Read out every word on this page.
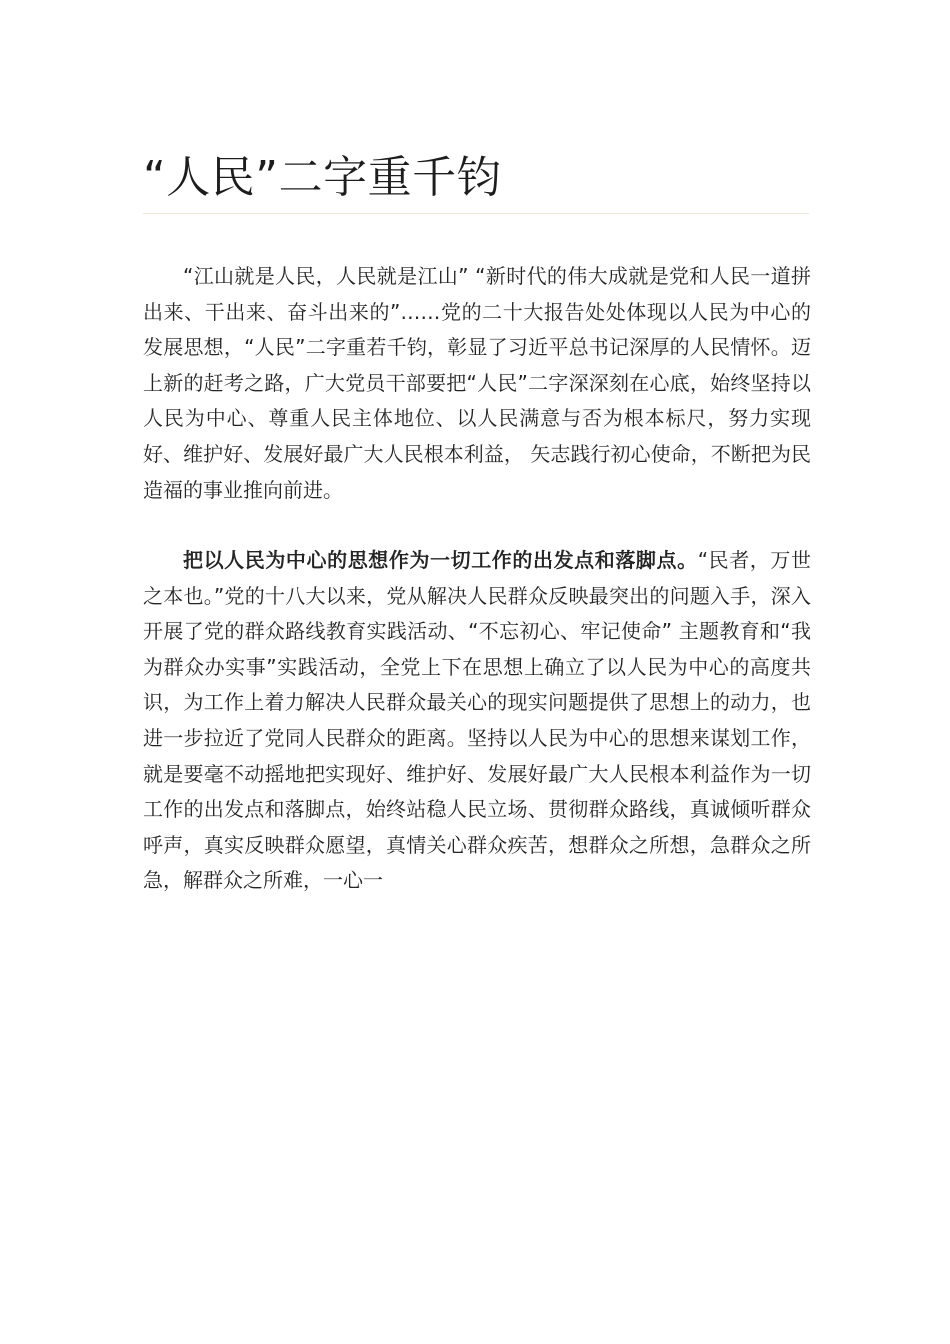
“人民”二字重千钧

“江山就是人民，人民就是江山” “新时代的伟大成就是党和人民一道拼出来、干出来、奋斗出来的”……党的二十大报告处处体现以人民为中心的发展思想，“人民”二字重若千钧，彰显了习近平总书记深厚的人民情怀。迈上新的赶考之路，广大党员干部要把“人民”二字深深刻在心底，始终坚持以人民为中心、尊重人民主体地位、以人民满意与否为根本标尺，努力实现好、维护好、发展好最广大人民根本利益， 矢志践行初心使命，不断把为民造福的事业推向前进。

把以人民为中心的思想作为一切工作的出发点和落脚点。“民者，万世之本也。”党的十八大以来，党从解决人民群众反映最突出的问题入手，深入开展了党的群众路线教育实践活动、“不忘初心、牢记使命” 主题教育和“我为群众办实事”实践活动，全党上下在思想上确立了以人民为中心的高度共识，为工作上着力解决人民群众最关心的现实问题提供了思想上的动力，也进一步拉近了党同人民群众的距离。坚持以人民为中心的思想来谋划工作，就是要毫不动摇地把实现好、维护好、发展好最广大人民根本利益作为一切工作的出发点和落脚点，始终站稳人民立场、贯彻群众路线，真诚倾听群众呼声，真实反映群众愿望，真情关心群众疾苦，想群众之所想，急群众之所急，解群众之所难，一心一
